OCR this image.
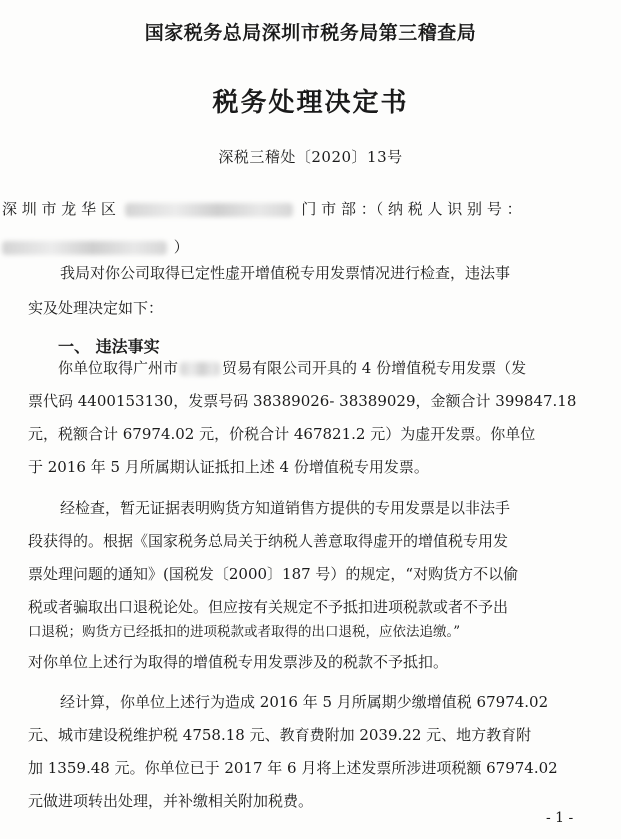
国家税务总局深圳市税务局第三稽查局
税务处理决定书
深税三稽处〔2020〕13号
深 圳 市 龙 华 区	门 市 部 ：（ 纳 税 人 识 别 号 ：
）
我局对你公司取得已定性虚开增值税专用发票情况进行检查，违法事
实及处理决定如下：
一、 违法事实
你单位取得广州市	贸易有限公司开具的 4 份增值税专用发票（发
票代码 4400153130，发票号码 38389026- 38389029，金额合计 399847.18
元，税额合计 67974.02 元，价税合计 467821.2 元）为虚开发票。你单位
于 2016 年 5 月所属期认证抵扣上述 4 份增值税专用发票。
经检查，暂无证据表明购货方知道销售方提供的专用发票是以非法手
段获得的。根据《国家税务总局关于纳税人善意取得虚开的增值税专用发
票处理问题的通知》(国税发〔2000〕187 号）的规定，“对购货方不以偷
税或者骗取出口退税论处。但应按有关规定不予抵扣进项税款或者不予出
口退税；购货方已经抵扣的进项税款或者取得的出口退税，应依法追缴。”
对你单位上述行为取得的增值税专用发票涉及的税款不予抵扣。
经计算，你单位上述行为造成 2016 年 5 月所属期少缴增值税 67974.02
元、城市建设税维护税 4758.18 元、教育费附加 2039.22 元、地方教育附
加 1359.48 元。你单位已于 2017 年 6 月将上述发票所涉进项税额 67974.02
元做进项转出处理，并补缴相关附加税费。
- 1 -
